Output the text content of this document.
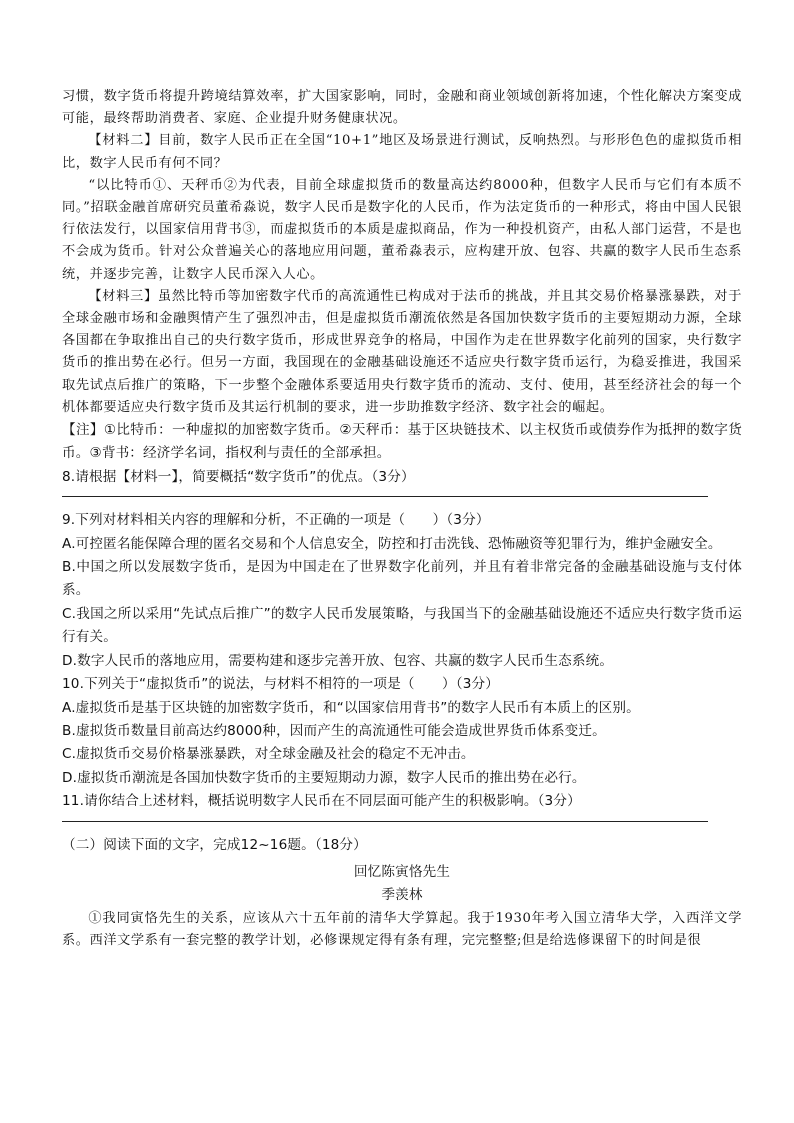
习惯，数字货币将提升跨境结算效率，扩大国家影响，同时，金融和商业领域创新将加速，个性化解决方案变成可能，最终帮助消费者、家庭、企业提升财务健康状况。

【材料二】目前，数字人民币正在全国“10+1”地区及场景进行测试，反响热烈。与形形色色的虚拟货币相比，数字人民币有何不同？

“以比特币①、天秤币②为代表，目前全球虚拟货币的数量高达约8000种，但数字人民币与它们有本质不同。”招联金融首席研究员董希淼说，数字人民币是数字化的人民币，作为法定货币的一种形式，将由中国人民银行依法发行，以国家信用背书③，而虚拟货币的本质是虚拟商品，作为一种投机资产，由私人部门运营，不是也不会成为货币。针对公众普遍关心的落地应用问题，董希淼表示，应构建开放、包容、共赢的数字人民币生态系统，并逐步完善，让数字人民币深入人心。

【材料三】虽然比特币等加密数字代币的高流通性已构成对于法币的挑战，并且其交易价格暴涨暴跌，对于全球金融市场和金融舆情产生了强烈冲击，但是虚拟货币潮流依然是各国加快数字货币的主要短期动力源，全球各国都在争取推出自己的央行数字货币，形成世界竞争的格局，中国作为走在世界数字化前列的国家，央行数字货币的推出势在必行。但另一方面，我国现在的金融基础设施还不适应央行数字货币运行，为稳妥推进，我国采取先试点后推广的策略，下一步整个金融体系要适用央行数字货币的流动、支付、使用，甚至经济社会的每一个机体都要适应央行数字货币及其运行机制的要求，进一步助推数字经济、数字社会的崛起。

【注】①比特币：一种虚拟的加密数字货币。②天秤币：基于区块链技术、以主权货币或债券作为抵押的数字货币。③背书：经济学名词，指权利与责任的全部承担。

8.请根据【材料一】，简要概括“数字货币”的优点。（3分）

9.下列对材料相关内容的理解和分析，不正确的一项是（　　）（3分）

A.可控匿名能保障合理的匿名交易和个人信息安全，防控和打击洗钱、恐怖融资等犯罪行为，维护金融安全。

B.中国之所以发展数字货币，是因为中国走在了世界数字化前列，并且有着非常完备的金融基础设施与支付体系。

C.我国之所以采用“先试点后推广”的数字人民币发展策略，与我国当下的金融基础设施还不适应央行数字货币运行有关。

D.数字人民币的落地应用，需要构建和逐步完善开放、包容、共赢的数字人民币生态系统。

10.下列关于“虚拟货币”的说法，与材料不相符的一项是（　　）（3分）

A.虚拟货币是基于区块链的加密数字货币，和“以国家信用背书”的数字人民币有本质上的区别。

B.虚拟货币数量目前高达约8000种，因而产生的高流通性可能会造成世界货币体系变迁。

C.虚拟货币交易价格暴涨暴跌，对全球金融及社会的稳定不无冲击。

D.虚拟货币潮流是各国加快数字货币的主要短期动力源，数字人民币的推出势在必行。

11.请你结合上述材料，概括说明数字人民币在不同层面可能产生的积极影响。（3分）

（二）阅读下面的文字，完成12~16题。（18分）

回忆陈寅恪先生

季羡林

①我同寅恪先生的关系，应该从六十五年前的清华大学算起。我于1930年考入国立清华大学，入西洋文学系。西洋文学系有一套完整的教学计划，必修课规定得有条有理，完完整整;但是给选修课留下的时间是很
